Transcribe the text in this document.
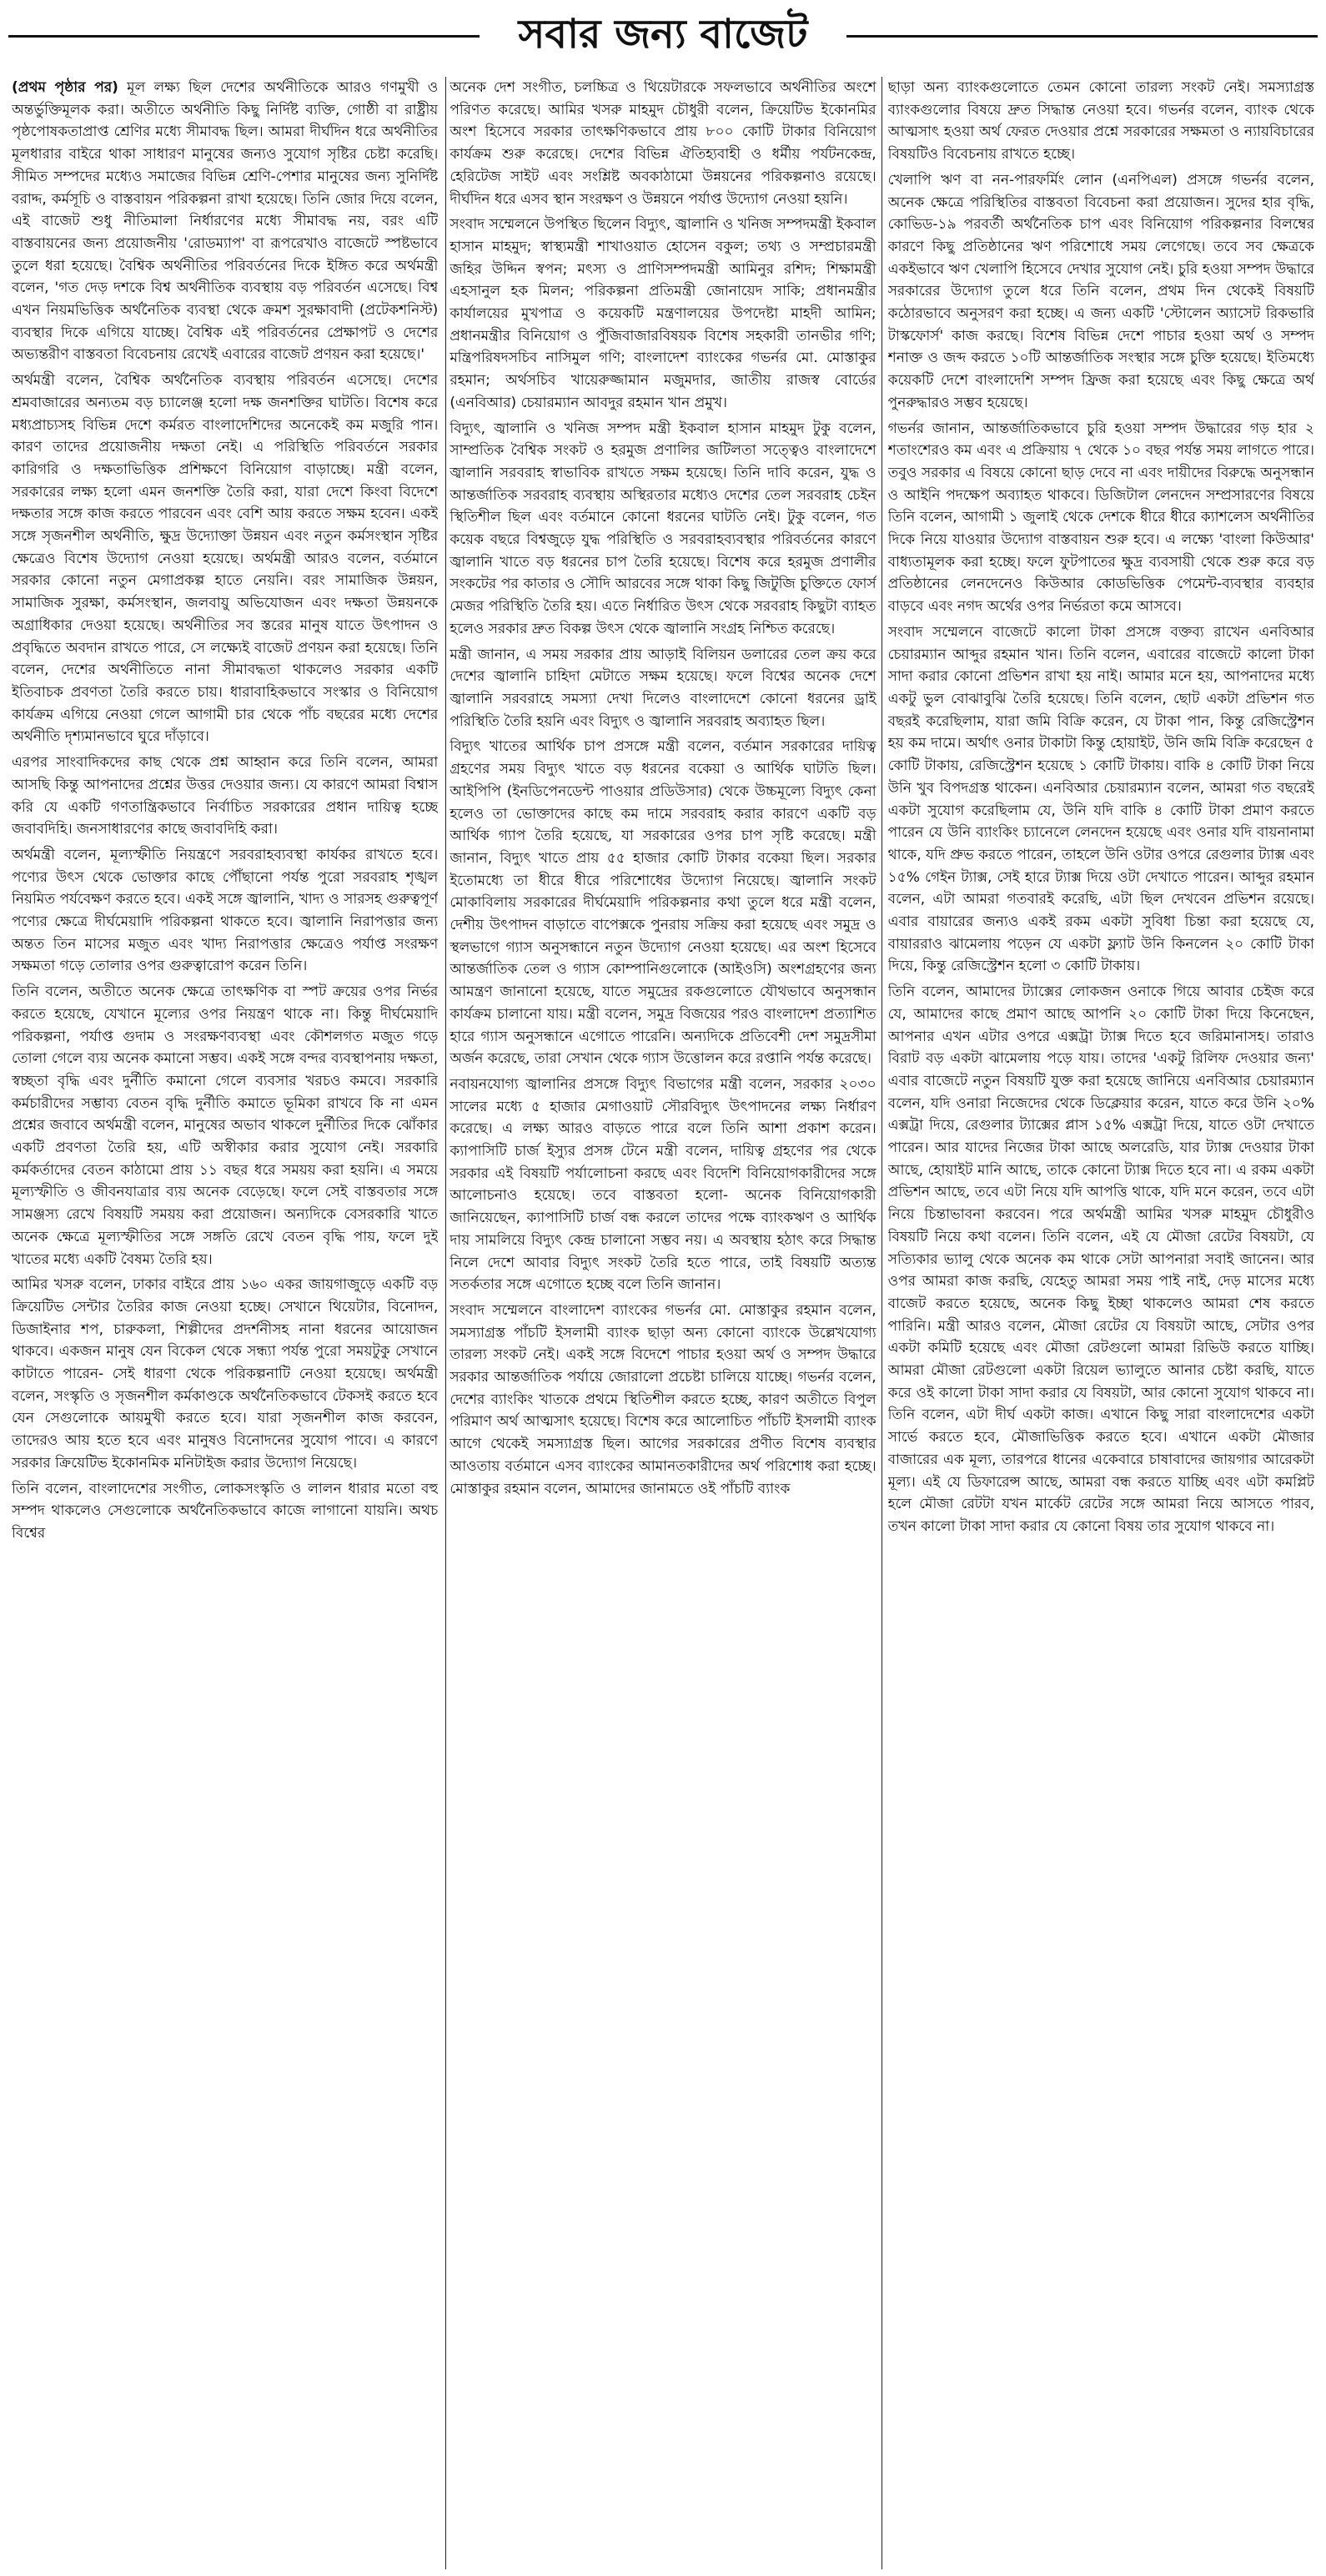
সবার জন্য বাজেট

(প্রথম পৃষ্ঠার পর) মূল লক্ষ্য ছিল দেশের অর্থনীতিকে আরও গণমুখী ও অন্তর্ভুক্তিমূলক করা। অতীতে অর্থনীতি কিছু নির্দিষ্ট ব্যক্তি, গোষ্ঠী বা রাষ্ট্রীয় পৃষ্ঠপোষকতাপ্রাপ্ত শ্রেণির মধ্যে সীমাবদ্ধ ছিল। আমরা দীর্ঘদিন ধরে অর্থনীতির মূলধারার বাইরে থাকা সাধারণ মানুষের জন্যও সুযোগ সৃষ্টির চেষ্টা করেছি। সীমিত সম্পদের মধ্যেও সমাজের বিভিন্ন শ্রেণি-পেশার মানুষের জন্য সুনির্দিষ্ট বরাদ্দ, কর্মসূচি ও বাস্তবায়ন পরিকল্পনা রাখা হয়েছে। তিনি জোর দিয়ে বলেন, এই বাজেট শুধু নীতিমালা নির্ধারণের মধ্যে সীমাবদ্ধ নয়, বরং এটি বাস্তবায়নের জন্য প্রয়োজনীয় 'রোডম্যাপ' বা রূপরেখাও বাজেটে স্পষ্টভাবে তুলে ধরা হয়েছে। বৈশ্বিক অর্থনীতির পরিবর্তনের দিকে ইঙ্গিত করে অর্থমন্ত্রী বলেন, 'গত দেড় দশকে বিশ্ব অর্থনীতিক ব্যবস্থায় বড় পরিবর্তন এসেছে। বিশ্ব এখন নিয়মভিত্তিক অর্থনৈতিক ব্যবস্থা থেকে ক্রমশ সুরক্ষাবাদী (প্রটেকশনিস্ট) ব্যবস্থার দিকে এগিয়ে যাচ্ছে। বৈশ্বিক এই পরিবর্তনের প্রেক্ষাপট ও দেশের অভ্যন্তরীণ বাস্তবতা বিবেচনায় রেখেই এবারের বাজেট প্রণয়ন করা হয়েছে।'

অর্থমন্ত্রী বলেন, বৈশ্বিক অর্থনৈতিক ব্যবস্থায় পরিবর্তন এসেছে। দেশের শ্রমবাজারের অন্যতম বড় চ্যালেঞ্জ হলো দক্ষ জনশক্তির ঘাটতি। বিশেষ করে মধ্যপ্রাচ্যসহ বিভিন্ন দেশে কর্মরত বাংলাদেশিদের অনেকেই কম মজুরি পান। কারণ তাদের প্রয়োজনীয় দক্ষতা নেই। এ পরিস্থিতি পরিবর্তনে সরকার কারিগরি ও দক্ষতাভিত্তিক প্রশিক্ষণে বিনিয়োগ বাড়াচ্ছে। মন্ত্রী বলেন, সরকারের লক্ষ্য হলো এমন জনশক্তি তৈরি করা, যারা দেশে কিংবা বিদেশে দক্ষতার সঙ্গে কাজ করতে পারবেন এবং বেশি আয় করতে সক্ষম হবেন। একই সঙ্গে সৃজনশীল অর্থনীতি, ক্ষুদ্র উদ্যোক্তা উন্নয়ন এবং নতুন কর্মসংস্থান সৃষ্টির ক্ষেত্রেও বিশেষ উদ্যোগ নেওয়া হয়েছে। অর্থমন্ত্রী আরও বলেন, বর্তমানে সরকার কোনো নতুন মেগাপ্রকল্প হাতে নেয়নি। বরং সামাজিক উন্নয়ন, সামাজিক সুরক্ষা, কর্মসংস্থান, জলবায়ু অভিযোজন এবং দক্ষতা উন্নয়নকে অগ্রাধিকার দেওয়া হয়েছে। অর্থনীতির সব স্তরের মানুষ যাতে উৎপাদন ও প্রবৃদ্ধিতে অবদান রাখতে পারে, সে লক্ষ্যেই বাজেট প্রণয়ন করা হয়েছে। তিনি বলেন, দেশের অর্থনীতিতে নানা সীমাবদ্ধতা থাকলেও সরকার একটি ইতিবাচক প্রবণতা তৈরি করতে চায়। ধারাবাহিকভাবে সংস্কার ও বিনিয়োগ কার্যক্রম এগিয়ে নেওয়া গেলে আগামী চার থেকে পাঁচ বছরের মধ্যে দেশের অর্থনীতি দৃশ্যমানভাবে ঘুরে দাঁড়াবে।

এরপর সাংবাদিকদের কাছ থেকে প্রশ্ন আহ্বান করে তিনি বলেন, আমরা আসছি কিন্তু আপনাদের প্রশ্নের উত্তর দেওয়ার জন্য। যে কারণে আমরা বিশ্বাস করি যে একটি গণতান্ত্রিকভাবে নির্বাচিত সরকারের প্রধান দায়িত্ব হচ্ছে জবাবদিহি। জনসাধারণের কাছে জবাবদিহি করা।

অর্থমন্ত্রী বলেন, মূল্যস্ফীতি নিয়ন্ত্রণে সরবরাহব্যবস্থা কার্যকর রাখতে হবে। পণ্যের উৎস থেকে ভোক্তার কাছে পৌঁছানো পর্যন্ত পুরো সরবরাহ শৃঙ্খল নিয়মিত পর্যবেক্ষণ করতে হবে। একই সঙ্গে জ্বালানি, খাদ্য ও সারসহ গুরুত্বপূর্ণ পণ্যের ক্ষেত্রে দীর্ঘমেয়াদি পরিকল্পনা থাকতে হবে। জ্বালানি নিরাপত্তার জন্য অন্তত তিন মাসের মজুত এবং খাদ্য নিরাপত্তার ক্ষেত্রেও পর্যাপ্ত সংরক্ষণ সক্ষমতা গড়ে তোলার ওপর গুরুত্বারোপ করেন তিনি।

তিনি বলেন, অতীতে অনেক ক্ষেত্রে তাৎক্ষণিক বা স্পট ক্রয়ের ওপর নির্ভর করতে হয়েছে, যেখানে মূল্যের ওপর নিয়ন্ত্রণ থাকে না। কিন্তু দীর্ঘমেয়াদি পরিকল্পনা, পর্যাপ্ত গুদাম ও সংরক্ষণব্যবস্থা এবং কৌশলগত মজুত গড়ে তোলা গেলে ব্যয় অনেক কমানো সম্ভব। একই সঙ্গে বন্দর ব্যবস্থাপনায় দক্ষতা, স্বচ্ছতা বৃদ্ধি এবং দুর্নীতি কমানো গেলে ব্যবসার খরচও কমবে। সরকারি কর্মচারীদের সম্ভাব্য বেতন বৃদ্ধি দুর্নীতি কমাতে ভূমিকা রাখবে কি না এমন প্রশ্নের জবাবে অর্থমন্ত্রী বলেন, মানুষের অভাব থাকলে দুর্নীতির দিকে ঝোঁকার একটি প্রবণতা তৈরি হয়, এটি অস্বীকার করার সুযোগ নেই। সরকারি কর্মকর্তাদের বেতন কাঠামো প্রায় ১১ বছর ধরে সময়য় করা হয়নি। এ সময়ে মূল্যস্ফীতি ও জীবনযাত্রার ব্যয় অনেক বেড়েছে। ফলে সেই বাস্তবতার সঙ্গে সামঞ্জস্য রেখে বিষয়টি সময়য় করা প্রয়োজন। অন্যদিকে বেসরকারি খাতে অনেক ক্ষেত্রে মূল্যস্ফীতির সঙ্গে সঙ্গতি রেখে বেতন বৃদ্ধি পায়, ফলে দুই খাতের মধ্যে একটি বৈষম্য তৈরি হয়।

আমির খসরু বলেন, ঢাকার বাইরে প্রায় ১৬০ একর জায়গাজুড়ে একটি বড় ক্রিয়েটিভ সেন্টার তৈরির কাজ নেওয়া হচ্ছে। সেখানে থিয়েটার, বিনোদন, ডিজাইনার শপ, চারুকলা, শিল্পীদের প্রদর্শনীসহ নানা ধরনের আয়োজন থাকবে। একজন মানুষ যেন বিকেল থেকে সন্ধ্যা পর্যন্ত পুরো সময়টুকু সেখানে কাটাতে পারেন- সেই ধারণা থেকে পরিকল্পনাটি নেওয়া হয়েছে। অর্থমন্ত্রী বলেন, সংস্কৃতি ও সৃজনশীল কর্মকাণ্ডকে অর্থনৈতিকভাবে টেকসই করতে হবে যেন সেগুলোকে আয়মুখী করতে হবে। যারা সৃজনশীল কাজ করবেন, তাদেরও আয় হতে হবে এবং মানুষও বিনোদনের সুযোগ পাবে। এ কারণে সরকার ক্রিয়েটিভ ইকোনমিক মনিটাইজ করার উদ্যোগ নিয়েছে।

তিনি বলেন, বাংলাদেশের সংগীত, লোকসংস্কৃতি ও লালন ধারার মতো বহু সম্পদ থাকলেও সেগুলোকে অর্থনৈতিকভাবে কাজে লাগানো যায়নি। অথচ বিশ্বের

অনেক দেশ সংগীত, চলচ্চিত্র ও থিয়েটারকে সফলভাবে অর্থনীতির অংশে পরিণত করেছে। আমির খসরু মাহমুদ চৌধুরী বলেন, ক্রিয়েটিভ ইকোনমির অংশ হিসেবে সরকার তাৎক্ষণিকভাবে প্রায় ৮০০ কোটি টাকার বিনিয়োগ কার্যক্রম শুরু করেছে। দেশের বিভিন্ন ঐতিহ্যবাহী ও ধর্মীয় পর্যটনকেন্দ্র, হেরিটেজ সাইট এবং সংশ্লিষ্ট অবকাঠামো উন্নয়নের পরিকল্পনাও রয়েছে। দীর্ঘদিন ধরে এসব স্থান সংরক্ষণ ও উন্নয়নে পর্যাপ্ত উদ্যোগ নেওয়া হয়নি।

সংবাদ সম্মেলনে উপস্থিত ছিলেন বিদ্যুৎ, জ্বালানি ও খনিজ সম্পদমন্ত্রী ইকবাল হাসান মাহমুদ; স্বাস্থ্যমন্ত্রী শাখাওয়াত হোসেন বকুল; তথ্য ও সম্প্রচারমন্ত্রী জহির উদ্দিন স্বপন; মৎস্য ও প্রাণিসম্পদমন্ত্রী আমিনুর রশিদ; শিক্ষামন্ত্রী এহসানুল হক মিলন; পরিকল্পনা প্রতিমন্ত্রী জোনায়েদ সাকি; প্রধানমন্ত্রীর কার্যালয়ের মুখপাত্র ও কয়েকটি মন্ত্রণালয়ের উপদেষ্টা মাহদী আমিন; প্রধানমন্ত্রীর বিনিয়োগ ও পুঁজিবাজারবিষয়ক বিশেষ সহকারী তানভীর গণি; মন্ত্রিপরিষদসচিব নাসিমুল গণি; বাংলাদেশ ব্যাংকের গভর্নর মো. মোস্তাকুর রহমান; অর্থসচিব খায়েরুজ্জামান মজুমদার, জাতীয় রাজস্ব বোর্ডের (এনবিআর) চেয়ারম্যান আবদুর রহমান খান প্রমুখ।

বিদ্যুৎ, জ্বালানি ও খনিজ সম্পদ মন্ত্রী ইকবাল হাসান মাহমুদ টুকু বলেন, সাম্প্রতিক বৈশ্বিক সংকট ও হরমুজ প্রণালির জটিলতা সত্ত্বেও বাংলাদেশে জ্বালানি সরবরাহ স্বাভাবিক রাখতে সক্ষম হয়েছে। তিনি দাবি করেন, যুদ্ধ ও আন্তর্জাতিক সরবরাহ ব্যবস্থায় অস্থিরতার মধ্যেও দেশের তেল সরবরাহ চেইন স্থিতিশীল ছিল এবং বর্তমানে কোনো ধরনের ঘাটতি নেই। টুকু বলেন, গত কয়েক বছরে বিশ্বজুড়ে যুদ্ধ পরিস্থিতি ও সরবরাহব্যবস্থার পরিবর্তনের কারণে জ্বালানি খাতে বড় ধরনের চাপ তৈরি হয়েছে। বিশেষ করে হরমুজ প্রণালীর সংকটের পর কাতার ও সৌদি আরবের সঙ্গে থাকা কিছু জিটুজি চুক্তিতে ফোর্স মেজর পরিস্থিতি তৈরি হয়। এতে নির্ধারিত উৎস থেকে সরবরাহ কিছুটা ব্যাহত হলেও সরকার দ্রুত বিকল্প উৎস থেকে জ্বালানি সংগ্রহ নিশ্চিত করেছে।

মন্ত্রী জানান, এ সময় সরকার প্রায় আড়াই বিলিয়ন ডলারের তেল ক্রয় করে দেশের জ্বালানি চাহিদা মেটাতে সক্ষম হয়েছে। ফলে বিশ্বের অনেক দেশে জ্বালানি সরবরাহে সমস্যা দেখা দিলেও বাংলাদেশে কোনো ধরনের ড্রাই পরিস্থিতি তৈরি হয়নি এবং বিদ্যুৎ ও জ্বালানি সরবরাহ অব্যাহত ছিল।

বিদ্যুৎ খাতের আর্থিক চাপ প্রসঙ্গে মন্ত্রী বলেন, বর্তমান সরকারের দায়িত্ব গ্রহণের সময় বিদ্যুৎ খাতে বড় ধরনের বকেয়া ও আর্থিক ঘাটতি ছিল। আইপিপি (ইনডিপেনডেন্ট পাওয়ার প্রডিউসার) থেকে উচ্চমূল্যে বিদ্যুৎ কেনা হলেও তা ভোক্তাদের কাছে কম দামে সরবরাহ করার কারণে একটি বড় আর্থিক গ্যাপ তৈরি হয়েছে, যা সরকারের ওপর চাপ সৃষ্টি করেছে। মন্ত্রী জানান, বিদ্যুৎ খাতে প্রায় ৫৫ হাজার কোটি টাকার বকেয়া ছিল। সরকার ইতোমধ্যে তা ধীরে ধীরে পরিশোধের উদ্যোগ নিয়েছে। জ্বালানি সংকট মোকাবিলায় সরকারের দীর্ঘমেয়াদি পরিকল্পনার কথা তুলে ধরে মন্ত্রী বলেন, দেশীয় উৎপাদন বাড়াতে বাপেক্সকে পুনরায় সক্রিয় করা হয়েছে এবং সমুদ্র ও স্থলভাগে গ্যাস অনুসন্ধানে নতুন উদ্যোগ নেওয়া হয়েছে। এর অংশ হিসেবে আন্তর্জাতিক তেল ও গ্যাস কোম্পানিগুলোকে (আইওসি) অংশগ্রহণের জন্য আমন্ত্রণ জানানো হয়েছে, যাতে সমুদ্রের রকগুলোতে যৌথভাবে অনুসন্ধান কার্যক্রম চালানো যায়। মন্ত্রী বলেন, সমুদ্র বিজয়ের পরও বাংলাদেশ প্রত্যাশিত হারে গ্যাস অনুসন্ধানে এগোতে পারেনি। অন্যদিকে প্রতিবেশী দেশ সমুদ্রসীমা অর্জন করেছে, তারা সেখান থেকে গ্যাস উত্তোলন করে রপ্তানি পর্যন্ত করেছে।

নবায়নযোগ্য জ্বালানির প্রসঙ্গে বিদ্যুৎ বিভাগের মন্ত্রী বলেন, সরকার ২০৩০ সালের মধ্যে ৫ হাজার মেগাওয়াট সৌরবিদ্যুৎ উৎপাদনের লক্ষ্য নির্ধারণ করেছে। এ লক্ষ্য আরও বাড়তে পারে বলে তিনি আশা প্রকাশ করেন। ক্যাপাসিটি চার্জ ইস্যুর প্রসঙ্গ টেনে মন্ত্রী বলেন, দায়িত্ব গ্রহণের পর থেকে সরকার এই বিষয়টি পর্যালোচনা করছে এবং বিদেশি বিনিয়োগকারীদের সঙ্গে আলোচনাও হয়েছে। তবে বাস্তবতা হলো- অনেক বিনিয়োগকারী জানিয়েছেন, ক্যাপাসিটি চার্জ বন্ধ করলে তাদের পক্ষে ব্যাংকঋণ ও আর্থিক দায় সামলিয়ে বিদ্যুৎ কেন্দ্র চালানো সম্ভব নয়। এ অবস্থায় হঠাৎ করে সিদ্ধান্ত নিলে দেশে আবার বিদ্যুৎ সংকট তৈরি হতে পারে, তাই বিষয়টি অত্যন্ত সতর্কতার সঙ্গে এগোতে হচ্ছে বলে তিনি জানান।

সংবাদ সম্মেলনে বাংলাদেশ ব্যাংকের গভর্নর মো. মোস্তাকুর রহমান বলেন, সমস্যাগ্রস্ত পাঁচটি ইসলামী ব্যাংক ছাড়া অন্য কোনো ব্যাংকে উল্লেখযোগ্য তারল্য সংকট নেই। একই সঙ্গে বিদেশে পাচার হওয়া অর্থ ও সম্পদ উদ্ধারে সরকার আন্তর্জাতিক পর্যায়ে জোরালো প্রচেষ্টা চালিয়ে যাচ্ছে। গভর্নর বলেন, দেশের ব্যাংকিং খাতকে প্রথমে স্থিতিশীল করতে হচ্ছে, কারণ অতীতে বিপুল পরিমাণ অর্থ আত্মসাৎ হয়েছে। বিশেষ করে আলোচিত পাঁচটি ইসলামী ব্যাংক আগে থেকেই সমস্যাগ্রস্ত ছিল। আগের সরকারের প্রণীত বিশেষ ব্যবস্থার আওতায় বর্তমানে এসব ব্যাংকের আমানতকারীদের অর্থ পরিশোধ করা হচ্ছে। মোস্তাকুর রহমান বলেন, আমাদের জানামতে ওই পাঁচটি ব্যাংক

ছাড়া অন্য ব্যাংকগুলোতে তেমন কোনো তারল্য সংকট নেই। সমস্যাগ্রস্ত ব্যাংকগুলোর বিষয়ে দ্রুত সিদ্ধান্ত নেওয়া হবে। গভর্নর বলেন, ব্যাংক থেকে আত্মসাৎ হওয়া অর্থ ফেরত দেওয়ার প্রশ্নে সরকারের সক্ষমতা ও ন্যায়বিচারের বিষয়টিও বিবেচনায় রাখতে হচ্ছে।

খেলাপি ঋণ বা নন-পারফর্মিং লোন (এনপিএল) প্রসঙ্গে গভর্নর বলেন, অনেক ক্ষেত্রে পরিস্থিতির বাস্তবতা বিবেচনা করা প্রয়োজন। সুদের হার বৃদ্ধি, কোভিড-১৯ পরবর্তী অর্থনৈতিক চাপ এবং বিনিয়োগ পরিকল্পনার বিলম্বের কারণে কিছু প্রতিষ্ঠানের ঋণ পরিশোধে সময় লেগেছে। তবে সব ক্ষেত্রকে একইভাবে ঋণ খেলাপি হিসেবে দেখার সুযোগ নেই। চুরি হওয়া সম্পদ উদ্ধারে সরকারের উদ্যোগ তুলে ধরে তিনি বলেন, প্রথম দিন থেকেই বিষয়টি কঠোরভাবে অনুসরণ করা হচ্ছে। এ জন্য একটি 'স্টোলেন অ্যাসেট রিকভারি টাস্কফোর্স' কাজ করছে। বিশেষ বিভিন্ন দেশে পাচার হওয়া অর্থ ও সম্পদ শনাক্ত ও জব্দ করতে ১০টি আন্তর্জাতিক সংস্থার সঙ্গে চুক্তি হয়েছে। ইতিমধ্যে কয়েকটি দেশে বাংলাদেশি সম্পদ ফ্রিজ করা হয়েছে এবং কিছু ক্ষেত্রে অর্থ পুনরুদ্ধারও সম্ভব হয়েছে।

গভর্নর জানান, আন্তর্জাতিকভাবে চুরি হওয়া সম্পদ উদ্ধারের গড় হার ২ শতাংশেরও কম এবং এ প্রক্রিয়ায় ৭ থেকে ১০ বছর পর্যন্ত সময় লাগতে পারে। তবুও সরকার এ বিষয়ে কোনো ছাড় দেবে না এবং দায়ীদের বিরুদ্ধে অনুসন্ধান ও আইনি পদক্ষেপ অব্যাহত থাকবে। ডিজিটাল লেনদেন সম্প্রসারণের বিষয়ে তিনি বলেন, আগামী ১ জুলাই থেকে দেশকে ধীরে ধীরে ক্যাশলেস অর্থনীতির দিকে নিয়ে যাওয়ার উদ্যোগ বাস্তবায়ন শুরু হবে। এ লক্ষ্যে 'বাংলা কিউআর' বাধ্যতামূলক করা হচ্ছে। ফলে ফুটপাতের ক্ষুদ্র ব্যবসায়ী থেকে শুরু করে বড় প্রতিষ্ঠানের লেনদেনেও কিউআর কোডভিত্তিক পেমেন্ট-ব্যবস্থার ব্যবহার বাড়বে এবং নগদ অর্থের ওপর নির্ভরতা কমে আসবে।

সংবাদ সম্মেলনে বাজেটে কালো টাকা প্রসঙ্গে বক্তব্য রাখেন এনবিআর চেয়ারম্যান আব্দুর রহমান খান। তিনি বলেন, এবারের বাজেটে কালো টাকা সাদা করার কোনো প্রভিশন রাখা হয় নাই। আমার মনে হয়, আপনাদের মধ্যে একটু ভুল বোঝাবুঝি তৈরি হয়েছে। তিনি বলেন, ছোট একটা প্রভিশন গত বছরই করেছিলাম, যারা জমি বিক্রি করেন, যে টাকা পান, কিন্তু রেজিস্ট্রেশন হয় কম দামে। অর্থাৎ ওনার টাকাটা কিন্তু হোয়াইট, উনি জমি বিক্রি করেছেন ৫ কোটি টাকায়, রেজিস্ট্রেশন হয়েছে ১ কোটি টাকায়। বাকি ৪ কোটি টাকা নিয়ে উনি খুব বিপদগ্রস্ত থাকেন। এনবিআর চেয়ারম্যান বলেন, আমরা গত বছরেই একটা সুযোগ করেছিলাম যে, উনি যদি বাকি ৪ কোটি টাকা প্রমাণ করতে পারেন যে উনি ব্যাংকিং চ্যানেলে লেনদেন হয়েছে এবং ওনার যদি বায়নানামা থাকে, যদি প্রুভ করতে পারেন, তাহলে উনি ওটার ওপরে রেগুলার ট্যাক্স এবং ১৫% গেইন ট্যাক্স, সেই হারে ট্যাক্স দিয়ে ওটা দেখাতে পারেন। আব্দুর রহমান বলেন, এটা আমরা গতবারই করেছি, এটা ছিল দেখবেন প্রভিশন রয়েছে। এবার বায়ারের জন্যও একই রকম একটা সুবিধা চিন্তা করা হয়েছে যে, বায়াররাও ঝামেলায় পড়েন যে একটা ফ্ল্যাট উনি কিনলেন ২০ কোটি টাকা দিয়ে, কিন্তু রেজিস্ট্রেশন হলো ৩ কোটি টাকায়।

তিনি বলেন, আমাদের ট্যাক্সের লোকজন ওনাকে গিয়ে আবার চেইজ করে যে, আমাদের কাছে প্রমাণ আছে আপনি ২০ কোটি টাকা দিয়ে কিনেছেন, আপনার এখন এটার ওপরে এক্সট্রা ট্যাক্স দিতে হবে জরিমানাসহ। তারাও বিরাট বড় একটা ঝামেলায় পড়ে যায়। তাদের 'একটু রিলিফ দেওয়ার জন্য' এবার বাজেটে নতুন বিষয়টি যুক্ত করা হয়েছে জানিয়ে এনবিআর চেয়ারম্যান বলেন, যদি ওনারা নিজেদের থেকে ডিক্লেয়ার করেন, যাতে করে উনি ২০% এক্সট্রা দিয়ে, রেগুলার ট্যাক্সের প্লাস ১৫% এক্সট্রা দিয়ে, যাতে ওটা দেখাতে পারেন। আর যাদের নিজের টাকা আছে অলরেডি, যার ট্যাক্স দেওয়ার টাকা আছে, হোয়াইট মানি আছে, তাকে কোনো ট্যাক্স দিতে হবে না। এ রকম একটা প্রভিশন আছে, তবে এটা নিয়ে যদি আপত্তি থাকে, যদি মনে করেন, তবে এটা নিয়ে চিন্তাভাবনা করবেন। পরে অর্থমন্ত্রী আমির খসরু মাহমুদ চৌধুরীও বিষয়টি নিয়ে কথা বলেন। তিনি বলেন, এই যে মৌজা রেটের বিষয়টা, যে সত্যিকার ভ্যালু থেকে অনেক কম থাকে সেটা আপনারা সবাই জানেন। আর ওপর আমরা কাজ করছি, যেহেতু আমরা সময় পাই নাই, দেড় মাসের মধ্যে বাজেট করতে হয়েছে, অনেক কিছু ইচ্ছা থাকলেও আমরা শেষ করতে পারিনি। মন্ত্রী আরও বলেন, মৌজা রেটের যে বিষয়টা আছে, সেটার ওপর একটা কমিটি হয়েছে এবং মৌজা রেটগুলো আমরা রিভিউ করতে যাচ্ছি। আমরা মৌজা রেটগুলো একটা রিয়েল ভ্যালুতে আনার চেষ্টা করছি, যাতে করে ওই কালো টাকা সাদা করার যে বিষয়টা, আর কোনো সুযোগ থাকবে না। তিনি বলেন, এটা দীর্ঘ একটা কাজ। এখানে কিছু সারা বাংলাদেশের একটা সার্ভে করতে হবে, মৌজাভিত্তিক করতে হবে। এখানে একটা মৌজার বাজারের এক মূল্য, তারপরে ধানের একেবারে চাষাবাদের জায়গার আরেকটা মূল্য। এই যে ডিফারেন্স আছে, আমরা বন্ধ করতে যাচ্ছি এবং এটা কমপ্লিট হলে মৌজা রেটটা যখন মার্কেট রেটের সঙ্গে আমরা নিয়ে আসতে পারব, তখন কালো টাকা সাদা করার যে কোনো বিষয় তার সুযোগ থাকবে না।
